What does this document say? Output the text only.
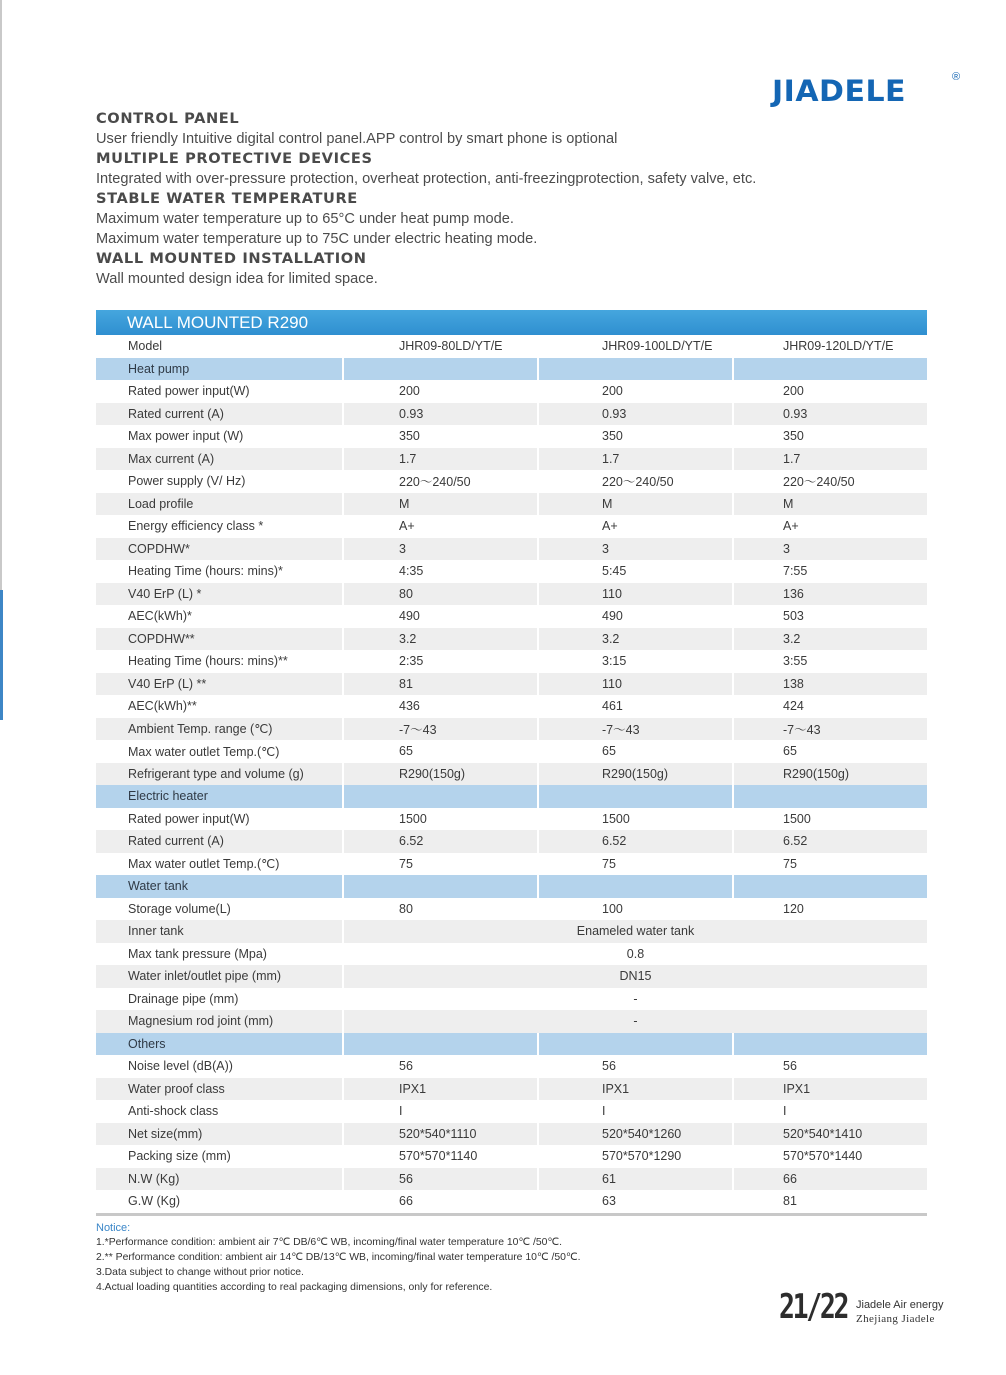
JIADELE	®
CONTROL PANEL
User friendly Intuitive digital control panel.APP control by smart phone is optional
MULTIPLE PROTECTIVE DEVICES
Integrated with over-pressure protection, overheat protection, anti-freezingprotection, safety valve, etc.
STABLE WATER TEMPERATURE
Maximum water temperature up to 65°C under heat pump mode.
Maximum water temperature up to 75C under electric heating mode.
WALL MOUNTED INSTALLATION
Wall mounted design idea for limited space.
WALL MOUNTED R290
Model	JHR09-80LD/YT/E	JHR09-100LD/YT/E	JHR09-120LD/YT/E
Heat pump			
Rated power input(W)	200	200	200
Rated current (A)	0.93	0.93	0.93
Max power input (W)	350	350	350
Max current (A)	1.7	1.7	1.7
Power supply (V/ Hz)	220～240/50	220～240/50	220～240/50
Load profile	M	M	M
Energy efficiency class *	A+	A+	A+
COPDHW*	3	3	3
Heating Time (hours: mins)*	4:35	5:45	7:55
V40 ErP (L) *	80	110	136
AEC(kWh)*	490	490	503
COPDHW**	3.2	3.2	3.2
Heating Time (hours: mins)**	2:35	3:15	3:55
V40 ErP (L) **	81	110	138
AEC(kWh)**	436	461	424
Ambient Temp. range (℃)	-7～43	-7～43	-7～43
Max water outlet Temp.(℃)	65	65	65
Refrigerant type and volume (g)	R290(150g)	R290(150g)	R290(150g)
Electric heater			
Rated power input(W)	1500	1500	1500
Rated current (A)	6.52	6.52	6.52
Max water outlet Temp.(℃)	75	75	75
Water tank			
Storage volume(L)	80	100	120
Inner tank	Enameled water tank		
Max tank pressure (Mpa)	0.8		
Water inlet/outlet pipe (mm)	DN15		
Drainage pipe (mm)	-		
Magnesium rod joint (mm)	-		
Others			
Noise level (dB(A))	56	56	56
Water proof class	IPX1	IPX1	IPX1
Anti-shock class	I	I	I
Net size(mm)	520*540*1110	520*540*1260	520*540*1410
Packing size (mm)	570*570*1140	570*570*1290	570*570*1440
N.W (Kg)	56	61	66
G.W (Kg)	66	63	81
Notice:
1.*Performance condition: ambient air 7℃ DB/6℃ WB, incoming/final water temperature 10℃ /50℃.
2.** Performance condition: ambient air 14℃ DB/13℃ WB, incoming/final water temperature 10℃ /50℃.
3.Data subject to change without prior notice.
4.Actual loading quantities according to real packaging dimensions, only for reference.	21/22 Jiadele Air energy
Zhejiang Jiadele
